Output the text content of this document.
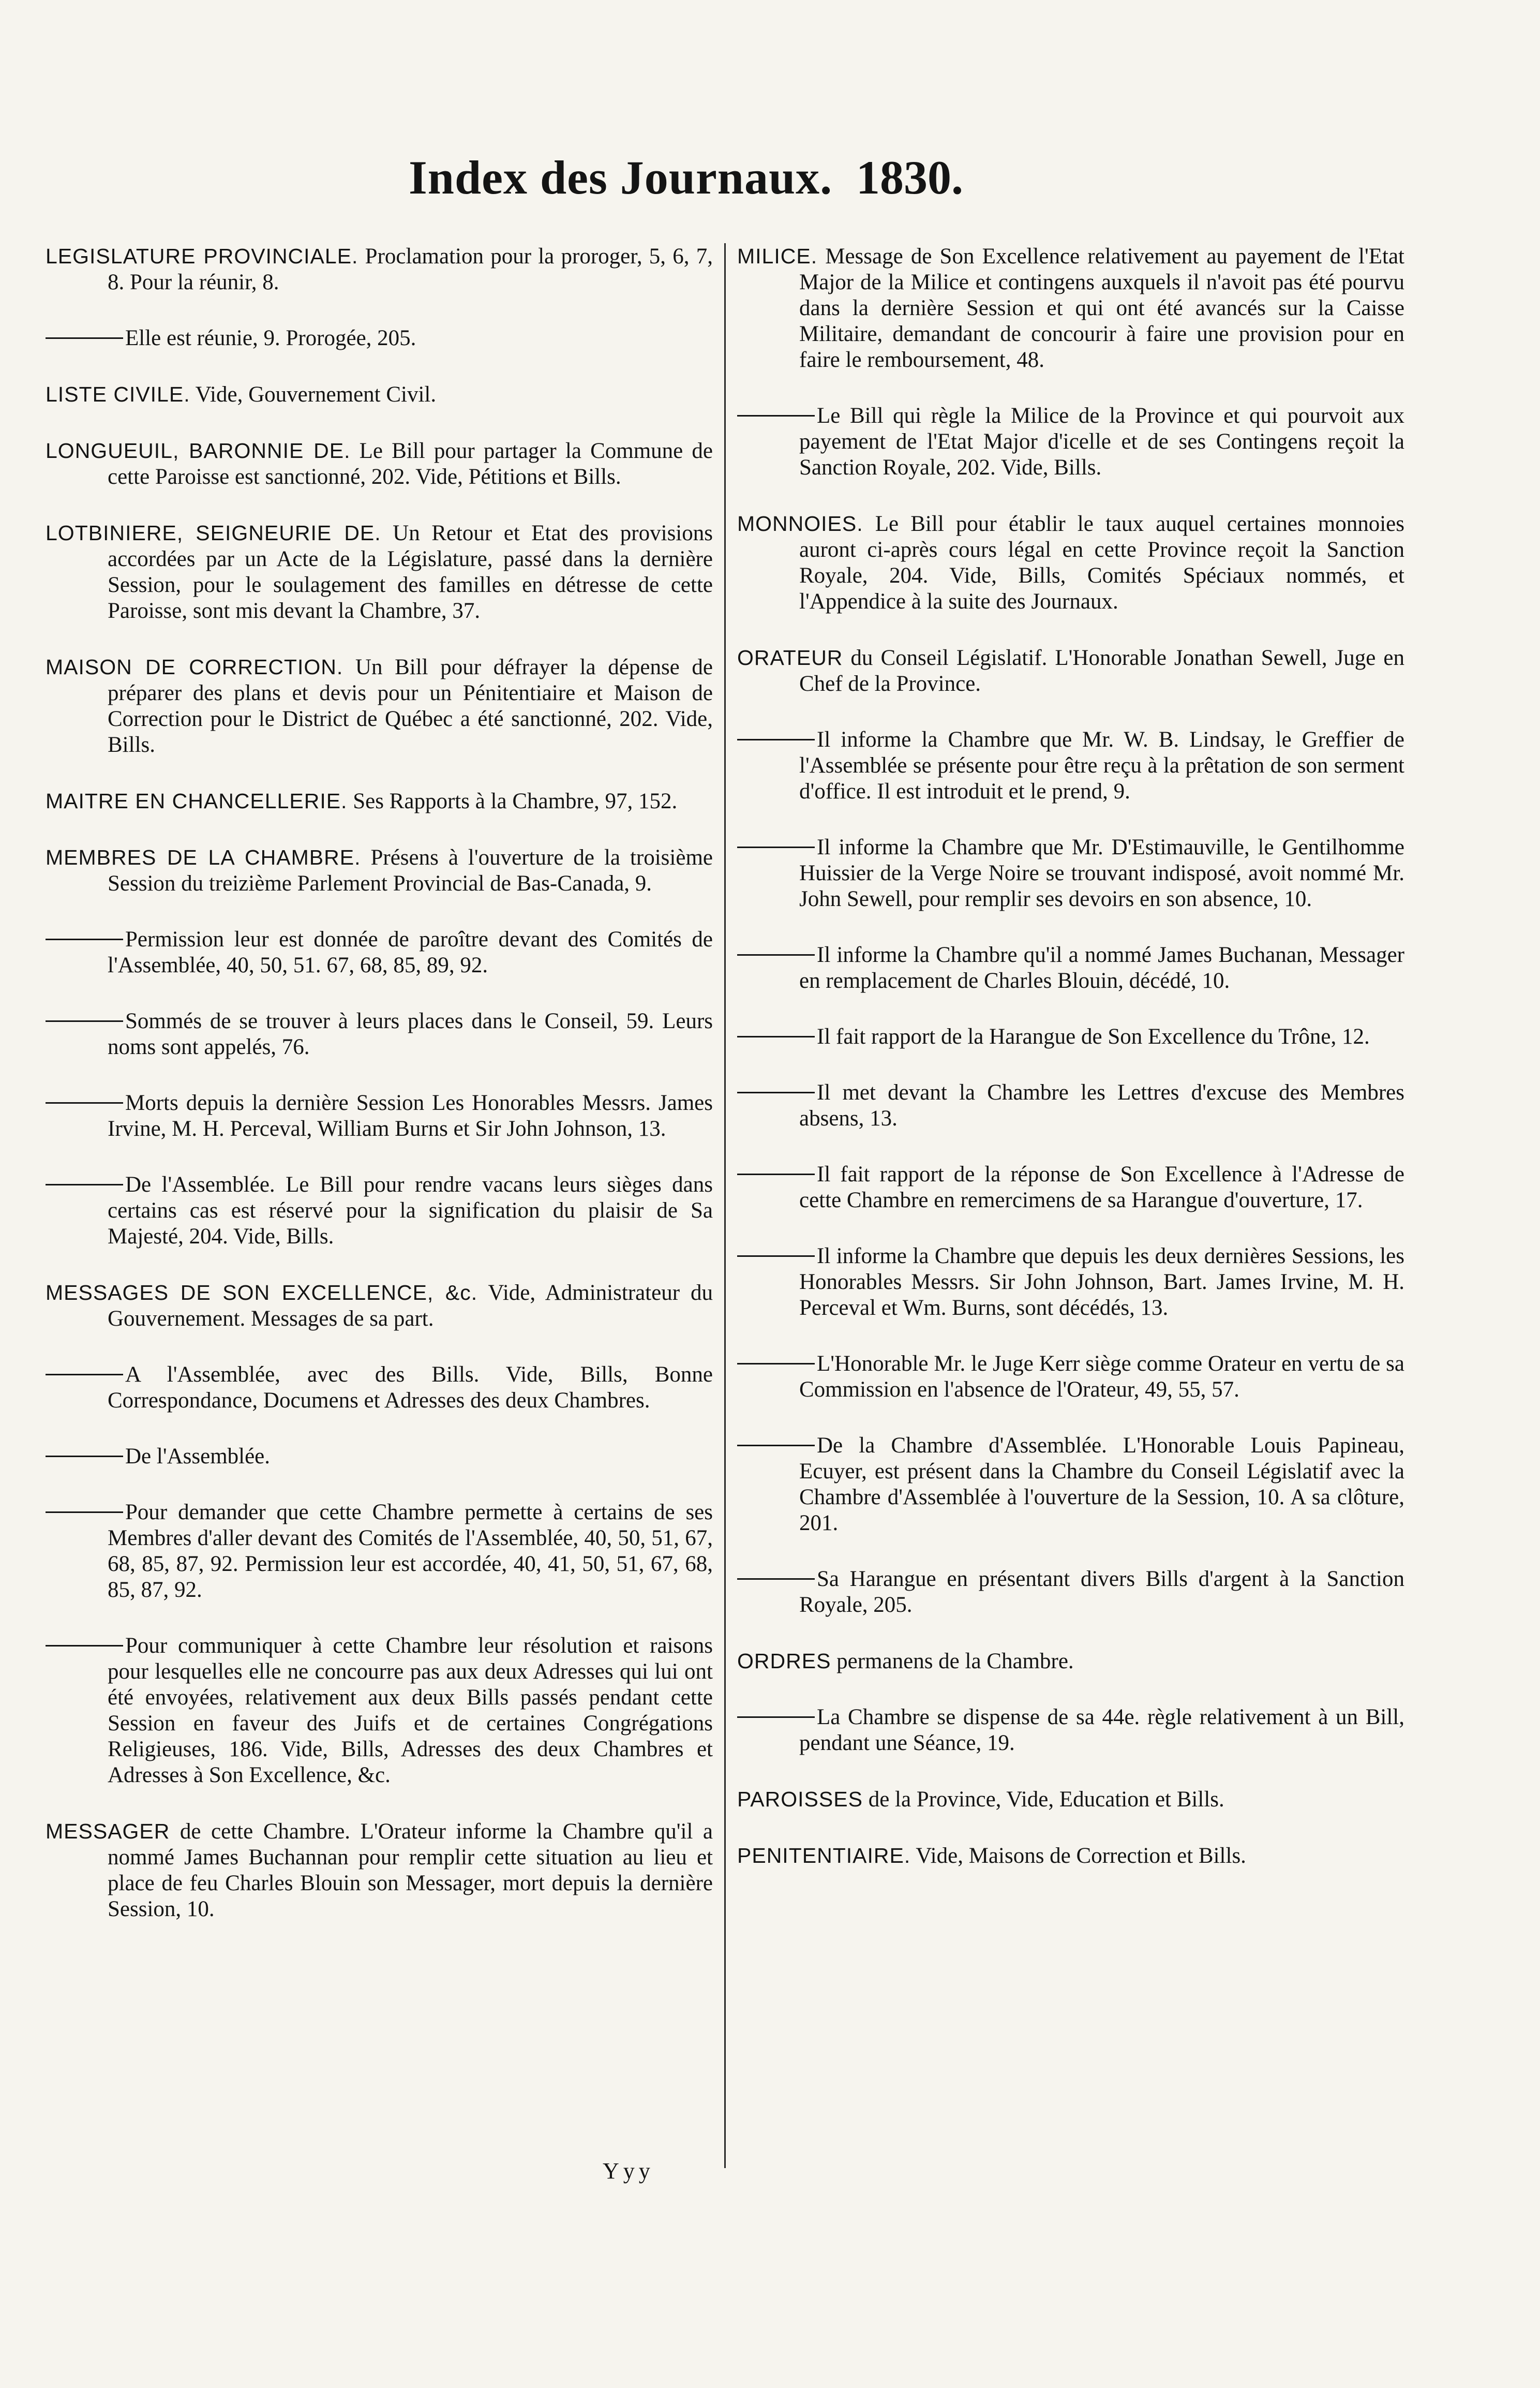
Index des Journaux. 1830.

LEGISLATURE PROVINCIALE. Proclamation pour la proroger, 5, 6, 7, 8. Pour la réunir, 8.

Elle est réunie, 9. Prorogée, 205.

LISTE CIVILE. Vide, Gouvernement Civil.

LONGUEUIL, BARONNIE DE. Le Bill pour partager la Commune de cette Paroisse est sanctionné, 202. Vide, Pétitions et Bills.

LOTBINIERE, SEIGNEURIE DE. Un Retour et Etat des provisions accordées par un Acte de la Législature, passé dans la dernière Session, pour le soulagement des familles en détresse de cette Paroisse, sont mis devant la Chambre, 37.

MAISON DE CORRECTION. Un Bill pour défrayer la dépense de préparer des plans et devis pour un Pénitentiaire et Maison de Correction pour le District de Québec a été sanctionné, 202. Vide, Bills.

MAITRE EN CHANCELLERIE. Ses Rapports à la Chambre, 97, 152.

MEMBRES DE LA CHAMBRE. Présens à l'ouverture de la troisième Session du treizième Parlement Provincial de Bas-Canada, 9.

Permission leur est donnée de paroître devant des Comités de l'Assemblée, 40, 50, 51. 67, 68, 85, 89, 92.

Sommés de se trouver à leurs places dans le Conseil, 59. Leurs noms sont appelés, 76.

Morts depuis la dernière Session Les Honorables Messrs. James Irvine, M. H. Perceval, William Burns et Sir John Johnson, 13.

De l'Assemblée. Le Bill pour rendre vacans leurs sièges dans certains cas est réservé pour la signification du plaisir de Sa Majesté, 204. Vide, Bills.

MESSAGES DE SON EXCELLENCE, &c. Vide, Administrateur du Gouvernement. Messages de sa part.

A l'Assemblée, avec des Bills. Vide, Bills, Bonne Correspondance, Documens et Adresses des deux Chambres.

De l'Assemblée.

Pour demander que cette Chambre permette à certains de ses Membres d'aller devant des Comités de l'Assemblée, 40, 50, 51, 67, 68, 85, 87, 92. Permission leur est accordée, 40, 41, 50, 51, 67, 68, 85, 87, 92.

Pour communiquer à cette Chambre leur résolution et raisons pour lesquelles elle ne concourre pas aux deux Adresses qui lui ont été envoyées, relativement aux deux Bills passés pendant cette Session en faveur des Juifs et de certaines Congrégations Religieuses, 186. Vide, Bills, Adresses des deux Chambres et Adresses à Son Excellence, &c.

MESSAGER de cette Chambre. L'Orateur informe la Chambre qu'il a nommé James Buchannan pour remplir cette situation au lieu et place de feu Charles Blouin son Messager, mort depuis la dernière Session, 10.

MILICE. Message de Son Excellence relativement au payement de l'Etat Major de la Milice et contingens auxquels il n'avoit pas été pourvu dans la dernière Session et qui ont été avancés sur la Caisse Militaire, demandant de concourir à faire une provision pour en faire le remboursement, 48.

Le Bill qui règle la Milice de la Province et qui pourvoit aux payement de l'Etat Major d'icelle et de ses Contingens reçoit la Sanction Royale, 202. Vide, Bills.

MONNOIES. Le Bill pour établir le taux auquel certaines monnoies auront ci-après cours légal en cette Province reçoit la Sanction Royale, 204. Vide, Bills, Comités Spéciaux nommés, et l'Appendice à la suite des Journaux.

ORATEUR du Conseil Législatif. L'Honorable Jonathan Sewell, Juge en Chef de la Province.

Il informe la Chambre que Mr. W. B. Lindsay, le Greffier de l'Assemblée se présente pour être reçu à la prêtation de son serment d'office. Il est introduit et le prend, 9.

Il informe la Chambre que Mr. D'Estimauville, le Gentilhomme Huissier de la Verge Noire se trouvant indisposé, avoit nommé Mr. John Sewell, pour remplir ses devoirs en son absence, 10.

Il informe la Chambre qu'il a nommé James Buchanan, Messager en remplacement de Charles Blouin, décédé, 10.

Il fait rapport de la Harangue de Son Excellence du Trône, 12.

Il met devant la Chambre les Lettres d'excuse des Membres absens, 13.

Il fait rapport de la réponse de Son Excellence à l'Adresse de cette Chambre en remercimens de sa Harangue d'ouverture, 17.

Il informe la Chambre que depuis les deux dernières Sessions, les Honorables Messrs. Sir John Johnson, Bart. James Irvine, M. H. Perceval et Wm. Burns, sont décédés, 13.

L'Honorable Mr. le Juge Kerr siège comme Orateur en vertu de sa Commission en l'absence de l'Orateur, 49, 55, 57.

De la Chambre d'Assemblée. L'Honorable Louis Papineau, Ecuyer, est présent dans la Chambre du Conseil Législatif avec la Chambre d'Assemblée à l'ouverture de la Session, 10. A sa clôture, 201.

Sa Harangue en présentant divers Bills d'argent à la Sanction Royale, 205.

ORDRES permanens de la Chambre.

La Chambre se dispense de sa 44e. règle relativement à un Bill, pendant une Séance, 19.

PAROISSES de la Province, Vide, Education et Bills.

PENITENTIAIRE. Vide, Maisons de Correction et Bills.

Yyy
